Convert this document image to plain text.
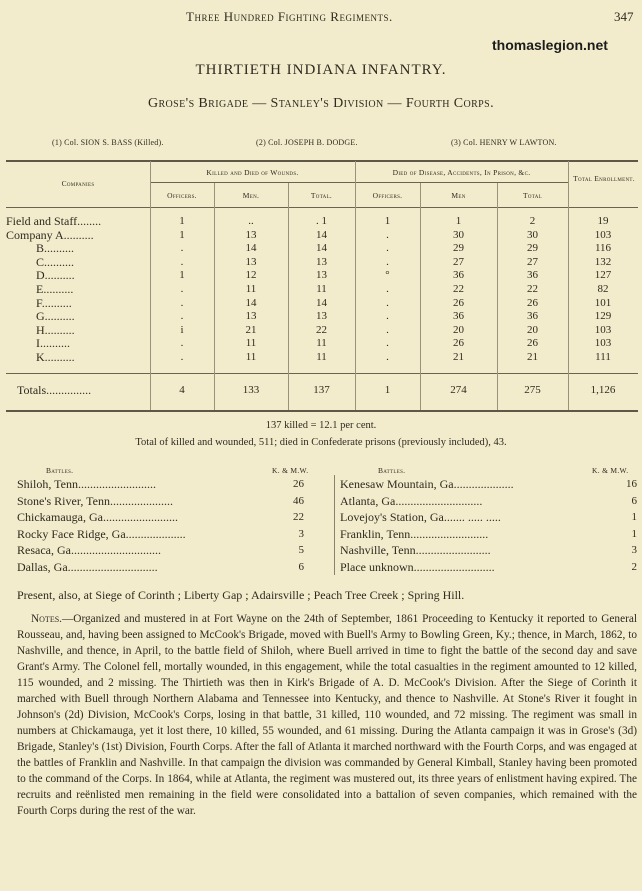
Three Hundred Fighting Regiments.	347
thomaslegion.net
THIRTIETH INDIANA INFANTRY.
Grose's Brigade — Stanley's Division — Fourth Corps.
(1) Col. SION S. BASS (Killed).	(2) Col. JOSEPH B. DODGE.	(3) Col. HENRY W LAWTON.
Companies
Killed and Died of Wounds.	Died of Disease, Accidents, In Prison, &c.
Total Enrollment.
Officers.	Men.	Total.	Officers.	Men	Total
Field and Staff........	1	..	. 1	1	1	2	19
Company A..........	1	13	14	.	30	30	103
B..........	.	14	14	.	29	29	116
C..........	.	13	13	.	27	27	132
D..........	1	12	13	°	36	36	127
E..........	.	11	11	.	22	22	82
F..........	.	14	14	.	26	26	101
G..........	.	13	13	.	36	36	129
H..........	i	21	22	.	20	20	103
I..........	.	11	11	.	26	26	103
K..........	.	11	11	.	21	21	111
Totals...............	4	133	137	1	274	275	1,126
137 killed = 12.1 per cent.
Total of killed and wounded, 511; died in Confederate prisons (previously included), 43.
Battles.	K. & M.W.	Battles.	K. & M.W.
Shiloh, Tenn..........................	26
Stone's River, Tenn.....................	46
Chickamauga, Ga.........................	22
Rocky Face Ridge, Ga....................	3
Resaca, Ga..............................	5
Dallas, Ga..............................	6
Kenesaw Mountain, Ga....................	16
Atlanta, Ga.............................	6
Lovejoy's Station, Ga....... ..... .....	1
Franklin, Tenn..........................	1
Nashville, Tenn.........................	3
Place unknown...........................	2
Present, also, at Siege of Corinth ; Liberty Gap ; Adairsville ; Peach Tree Creek ; Spring Hill.

Notes.—Organized and mustered in at Fort Wayne on the 24th of September, 1861 Proceeding to Kentucky it reported to General Rousseau, and, having been assigned to McCook's Brigade, moved with Buell's Army to Bowling Green, Ky.; thence, in March, 1862, to Nashville, and thence, in April, to the battle field of Shiloh, where Buell arrived in time to fight the battle of the second day and save Grant's Army. The Colonel fell, mortally wounded, in this engagement, while the total casualties in the regiment amounted to 12 killed, 115 wounded, and 2 missing. The Thirtieth was then in Kirk's Brigade of A. D. McCook's Division. After the Siege of Corinth it marched with Buell through Northern Alabama and Tennessee into Kentucky, and thence to Nashville. At Stone's River it fought in Johnson's (2d) Division, McCook's Corps, losing in that battle, 31 killed, 110 wounded, and 72 missing. The regiment was small in numbers at Chickamauga, yet it lost there, 10 killed, 55 wounded, and 61 missing. During the Atlanta campaign it was in Grose's (3d) Brigade, Stanley's (1st) Division, Fourth Corps. After the fall of Atlanta it marched northward with the Fourth Corps, and was engaged at the battles of Franklin and Nashville. In that campaign the division was commanded by General Kimball, Stanley having been promoted to the command of the Corps. In 1864, while at Atlanta, the regiment was mustered out, its three years of enlistment having expired. The recruits and reënlisted men remaining in the field were consolidated into a battalion of seven companies, which remained with the Fourth Corps during the rest of the war.
